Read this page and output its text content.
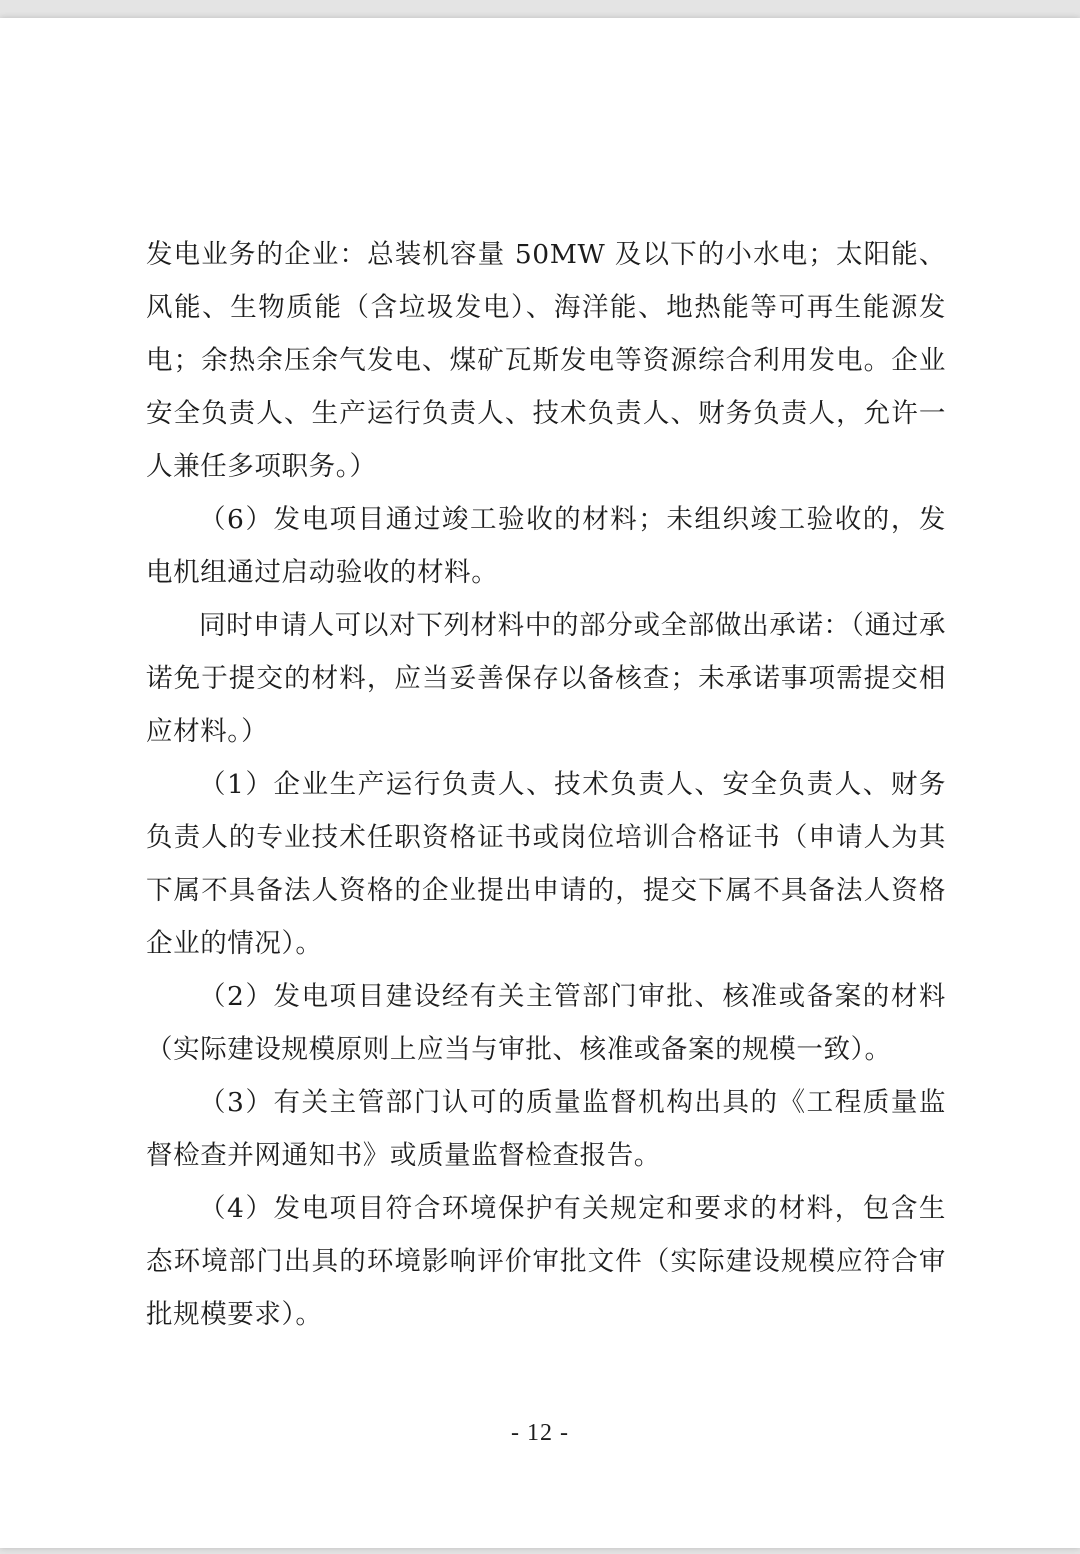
发电业务的企业：总装机容量 50MW 及以下的小水电；太阳能、风能、生物质能（含垃圾发电）、海洋能、地热能等可再生能源发电；余热余压余气发电、煤矿瓦斯发电等资源综合利用发电。企业安全负责人、生产运行负责人、技术负责人、财务负责人，允许一人兼任多项职务。）

（6）发电项目通过竣工验收的材料；未组织竣工验收的，发电机组通过启动验收的材料。

同时申请人可以对下列材料中的部分或全部做出承诺：（通过承诺免于提交的材料，应当妥善保存以备核查；未承诺事项需提交相应材料。）

（1）企业生产运行负责人、技术负责人、安全负责人、财务负责人的专业技术任职资格证书或岗位培训合格证书（申请人为其下属不具备法人资格的企业提出申请的，提交下属不具备法人资格企业的情况）。

（2）发电项目建设经有关主管部门审批、核准或备案的材料（实际建设规模原则上应当与审批、核准或备案的规模一致）。

（3）有关主管部门认可的质量监督机构出具的《工程质量监督检查并网通知书》或质量监督检查报告。

（4）发电项目符合环境保护有关规定和要求的材料，包含生态环境部门出具的环境影响评价审批文件（实际建设规模应符合审批规模要求）。

- 12 -
